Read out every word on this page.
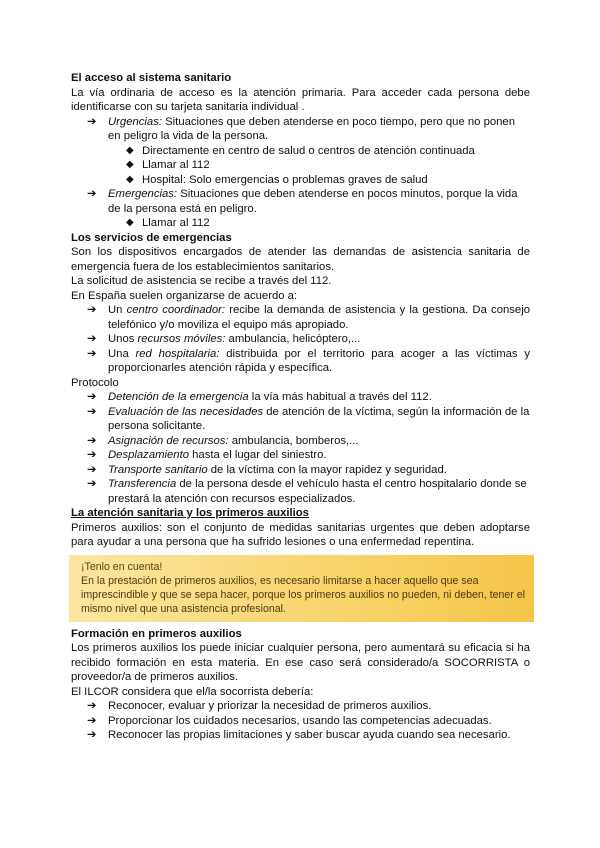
El acceso al sistema sanitario

La vía ordinaria de acceso es la atención primaria. Para acceder cada persona debe identificarse con su tarjeta sanitaria individual .

➔ Urgencias: Situaciones que deben atenderse en poco tiempo, pero que no ponen en peligro la vida de la persona.
◆ Directamente en centro de salud o centros de atención continuada
◆ Llamar al 112
◆ Hospital: Solo emergencias o problemas graves de salud
➔ Emergencias: Situaciones que deben atenderse en pocos minutos, porque la vida de la persona está en peligro.
◆ Llamar al 112

Los servicios de emergencias

Son los dispositivos encargados de atender las demandas de asistencia sanitaria de emergencia fuera de los establecimientos sanitarios.

La solicitud de asistencia se recibe a través del 112.

En España suelen organizarse de acuerdo a:

➔ Un centro coordinador: recibe la demanda de asistencia y la gestiona. Da consejo telefónico y/o moviliza el equipo más apropiado.
➔ Unos recursos móviles: ambulancia, helicóptero,...
➔ Una red hospitalaria: distribuida por el territorio para acoger a las víctimas y proporcionarles atención rápida y específica.

Protocolo

➔ Detención de la emergencia la vía más habitual a través del 112.
➔ Evaluación de las necesidades de atención de la víctima, según la información de la persona solicitante.
➔ Asignación de recursos: ambulancia, bomberos,...
➔ Desplazamiento hasta el lugar del siniestro.
➔ Transporte sanitario de la víctima con la mayor rapidez y seguridad.
➔ Transferencia de la persona desde el vehículo hasta el centro hospitalario donde se prestará la atención con recursos especializados.

La atención sanitaria y los primeros auxilios

Primeros auxilios: son el conjunto de medidas sanitarias urgentes que deben adoptarse para ayudar a una persona que ha sufrido lesiones o una enfermedad repentina.

¡Tenlo en cuenta!
En la prestación de primeros auxilios, es necesario limitarse a hacer aquello que sea imprescindible y que se sepa hacer, porque los primeros auxilios no pueden, ni deben, tener el mismo nivel que una asistencia profesional.

Formación en primeros auxilios

Los primeros auxilios los puede iniciar cualquier persona, pero aumentará su eficacia si ha recibido formación en esta materia. En ese caso será considerado/a SOCORRISTA o proveedor/a de primeros auxilios.

El ILCOR considera que el/la socorrista debería:

➔ Reconocer, evaluar y priorizar la necesidad de primeros auxilios.
➔ Proporcionar los cuidados necesarios, usando las competencias adecuadas.
➔ Reconocer las propias limitaciones y saber buscar ayuda cuando sea necesario.
